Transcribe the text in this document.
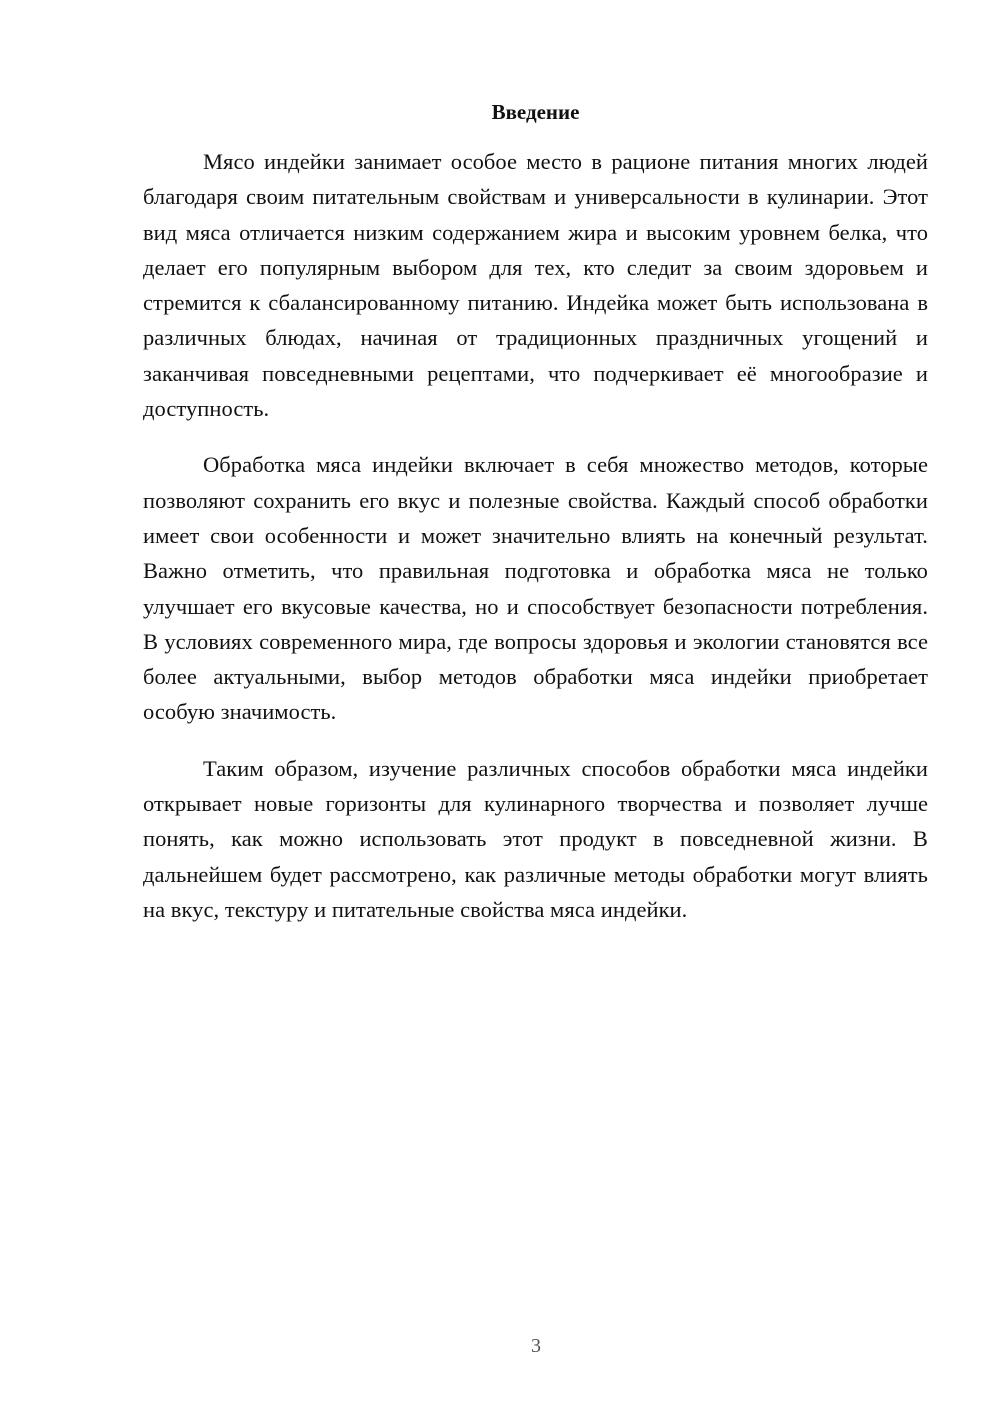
Введение

Мясо индейки занимает особое место в рационе питания многих людей благодаря своим питательным свойствам и универсальности в кулинарии. Этот вид мяса отличается низким содержанием жира и высоким уровнем белка, что делает его популярным выбором для тех, кто следит за своим здоровьем и стремится к сбалансированному питанию. Индейка может быть использована в различных блюдах, начиная от традиционных праздничных угощений и заканчивая повседневными рецептами, что подчеркивает её многообразие и доступность.

Обработка мяса индейки включает в себя множество методов, которые позволяют сохранить его вкус и полезные свойства. Каждый способ обработки имеет свои особенности и может значительно влиять на конечный результат. Важно отметить, что правильная подготовка и обработка мяса не только улучшает его вкусовые качества, но и способствует безопасности потребления. В условиях современного мира, где вопросы здоровья и экологии становятся все более актуальными, выбор методов обработки мяса индейки приобретает особую значимость.

Таким образом, изучение различных способов обработки мяса индейки открывает новые горизонты для кулинарного творчества и позволяет лучше понять, как можно использовать этот продукт в повседневной жизни. В дальнейшем будет рассмотрено, как различные методы обработки могут влиять на вкус, текстуру и питательные свойства мяса индейки.

3
